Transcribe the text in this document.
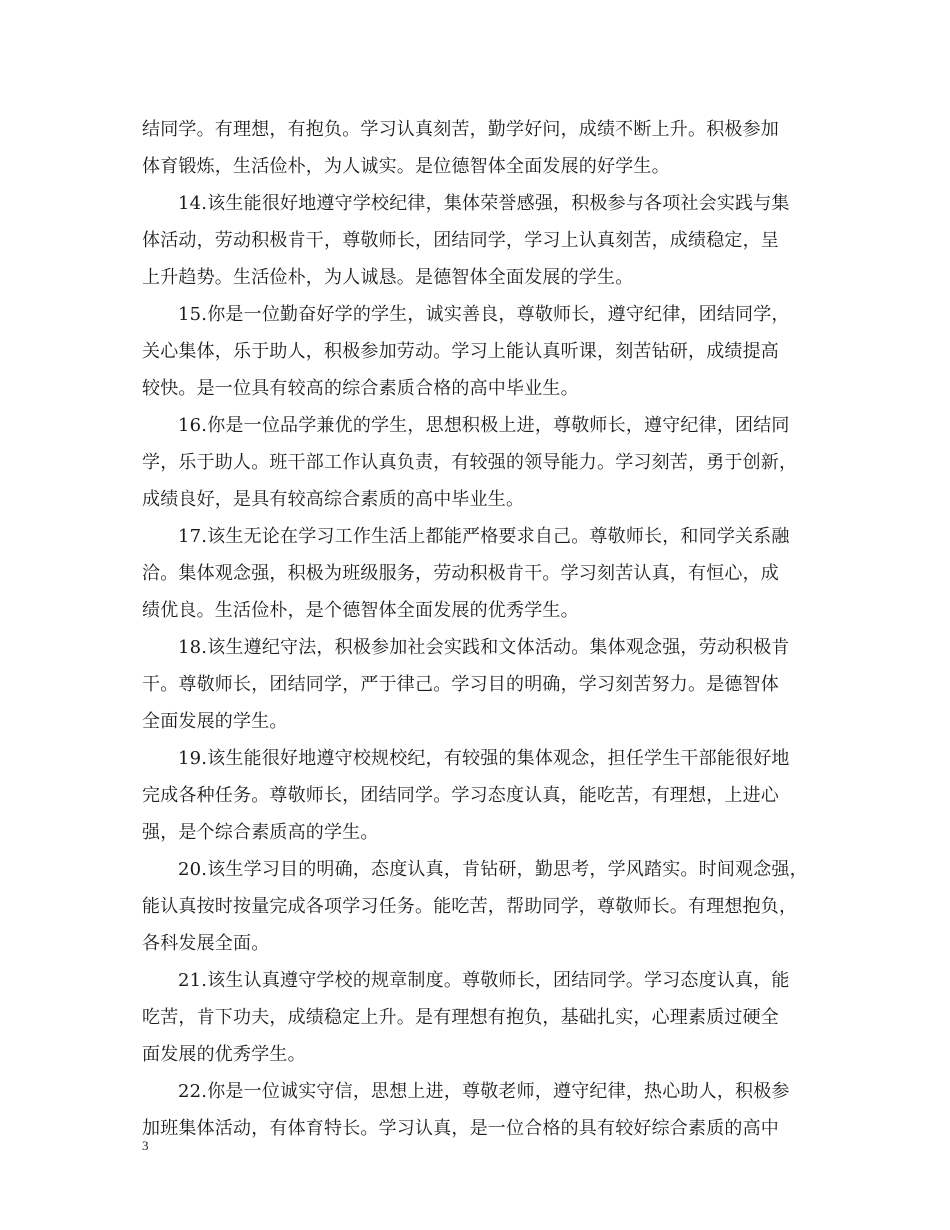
结同学。有理想，有抱负。学习认真刻苦，勤学好问，成绩不断上升。积极参加
体育锻炼，生活俭朴，为人诚实。是位德智体全面发展的好学生。

14.该生能很好地遵守学校纪律，集体荣誉感强，积极参与各项社会实践与集
体活动，劳动积极肯干，尊敬师长，团结同学，学习上认真刻苦，成绩稳定，呈
上升趋势。生活俭朴，为人诚恳。是德智体全面发展的学生。

15.你是一位勤奋好学的学生，诚实善良，尊敬师长，遵守纪律，团结同学，
关心集体，乐于助人，积极参加劳动。学习上能认真听课，刻苦钻研，成绩提高
较快。是一位具有较高的综合素质合格的高中毕业生。

16.你是一位品学兼优的学生，思想积极上进，尊敬师长，遵守纪律，团结同
学，乐于助人。班干部工作认真负责，有较强的领导能力。学习刻苦，勇于创新，
成绩良好，是具有较高综合素质的高中毕业生。

17.该生无论在学习工作生活上都能严格要求自己。尊敬师长，和同学关系融
洽。集体观念强，积极为班级服务，劳动积极肯干。学习刻苦认真，有恒心，成
绩优良。生活俭朴，是个德智体全面发展的优秀学生。

18.该生遵纪守法，积极参加社会实践和文体活动。集体观念强，劳动积极肯
干。尊敬师长，团结同学，严于律己。学习目的明确，学习刻苦努力。是德智体
全面发展的学生。

19.该生能很好地遵守校规校纪，有较强的集体观念，担任学生干部能很好地
完成各种任务。尊敬师长，团结同学。学习态度认真，能吃苦，有理想，上进心
强，是个综合素质高的学生。

20.该生学习目的明确，态度认真，肯钻研，勤思考，学风踏实。时间观念强，
能认真按时按量完成各项学习任务。能吃苦，帮助同学，尊敬师长。有理想抱负，
各科发展全面。

21.该生认真遵守学校的规章制度。尊敬师长，团结同学。学习态度认真，能
吃苦，肯下功夫，成绩稳定上升。是有理想有抱负，基础扎实，心理素质过硬全
面发展的优秀学生。

22.你是一位诚实守信，思想上进，尊敬老师，遵守纪律，热心助人，积极参
加班集体活动，有体育特长。学习认真，是一位合格的具有较好综合素质的高中

3
